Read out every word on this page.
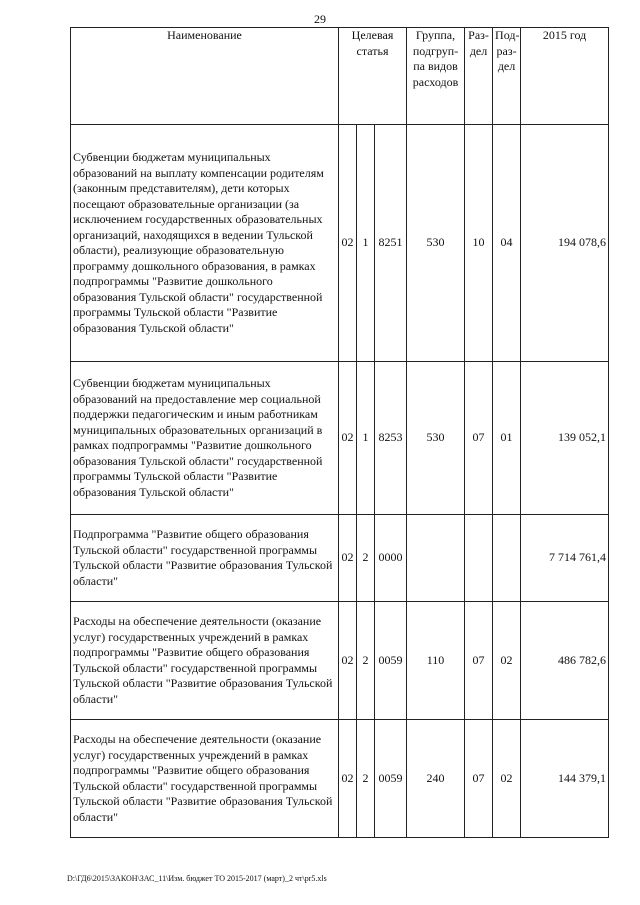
29
Наименование	Целевая статья			Группа, подгруп- па видов расходов	Раз- дел	Под- раз- дел	2015 год
Субвенции бюджетам муниципальных образований на выплату компенсации родителям (законным представителям), дети которых посещают образовательные организации (за исключением государственных образовательных организаций, находящихся в ведении Тульской области), реализующие образовательную программу дошкольного образования, в рамках подпрограммы "Развитие дошкольного образования Тульской области" государственной программы Тульской области "Развитие образования Тульской области"	02	1	8251	530	10	04	194 078,6
Субвенции бюджетам муниципальных образований на предоставление мер социальной поддержки педагогическим и иным работникам муниципальных образовательных организаций в рамках подпрограммы "Развитие дошкольного образования Тульской области" государственной программы Тульской области "Развитие образования Тульской области"	02	1	8253	530	07	01	139 052,1
Подпрограмма "Развитие общего образования Тульской области" государственной программы Тульской области "Развитие образования Тульской области"	02	2	0000				7 714 761,4
Расходы на обеспечение деятельности (оказание услуг) государственных учреждений в рамках подпрограммы "Развитие общего образования Тульской области" государственной программы Тульской области "Развитие образования Тульской области"	02	2	0059	110	07	02	486 782,6
Расходы на обеспечение деятельности (оказание услуг) государственных учреждений в рамках подпрограммы "Развитие общего образования Тульской области" государственной программы Тульской области "Развитие образования Тульской области"	02	2	0059	240	07	02	144 379,1
D:\ГД6\2015\ЗАКОН\ЗАС_11\Изм. бюджет ТО 2015-2017 (март)_2 чт\pr5.xls
